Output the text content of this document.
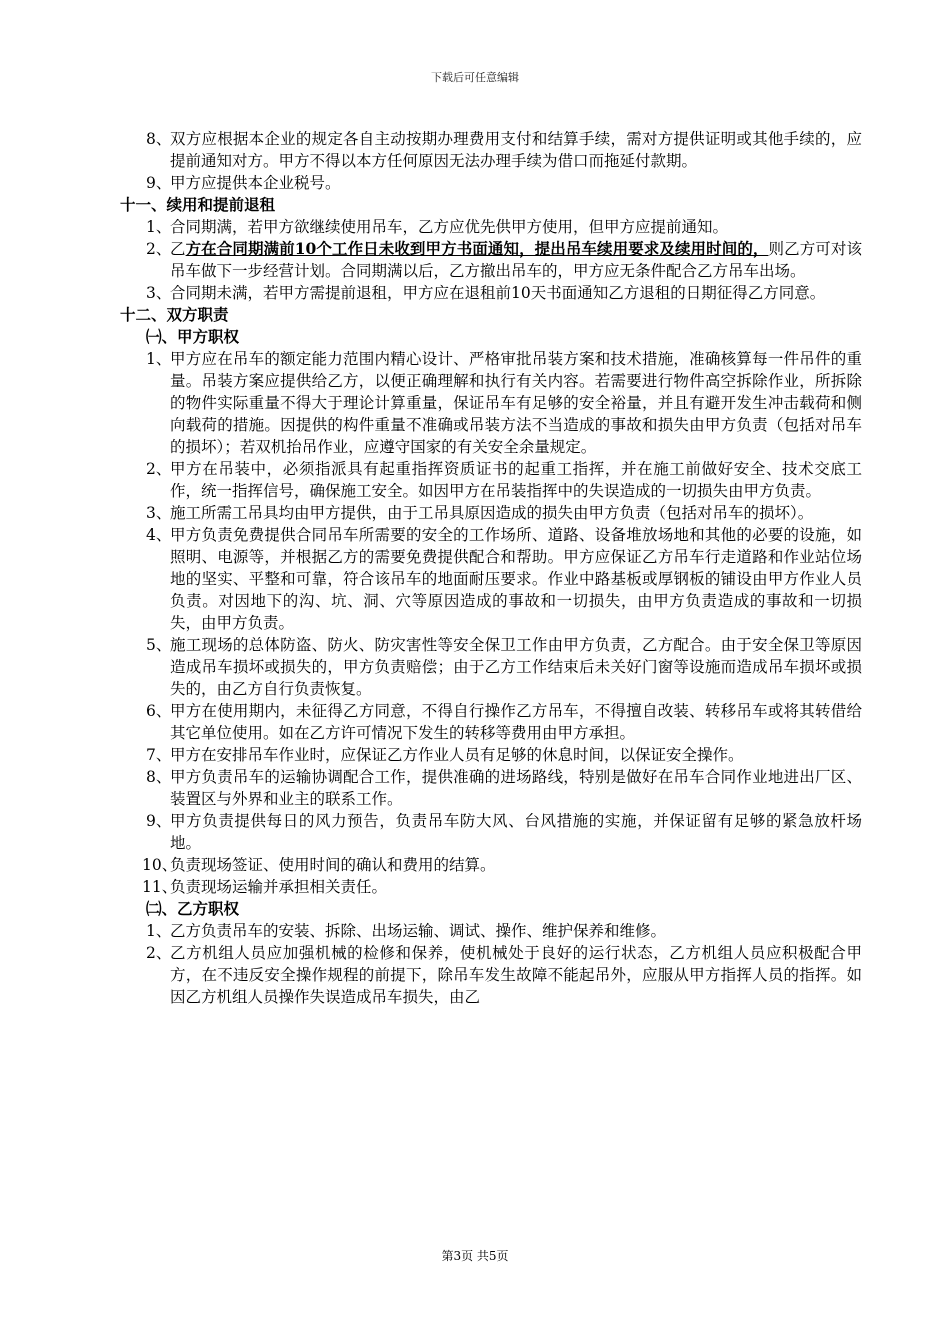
下载后可任意编辑
8、
双方应根据本企业的规定各自主动按期办理费用支付和结算手续，需对方提供证明或其他手续的，应提前通知对方。甲方不得以本方任何原因无法办理手续为借口而拖延付款期。
9、
甲方应提供本企业税号。
十一、续用和提前退租
1、
合同期满，若甲方欲继续使用吊车，乙方应优先供甲方使用，但甲方应提前通知。
2、
乙方在合同期满前10个工作日未收到甲方书面通知，提出吊车续用要求及续用时间的，则乙方可对该吊车做下一步经营计划。合同期满以后，乙方撤出吊车的，甲方应无条件配合乙方吊车出场。
3、
合同期未满，若甲方需提前退租，甲方应在退租前10天书面通知乙方退租的日期征得乙方同意。
十二、双方职责
㈠、甲方职权
1、
甲方应在吊车的额定能力范围内精心设计、严格审批吊装方案和技术措施，准确核算每一件吊件的重量。吊装方案应提供给乙方，以便正确理解和执行有关内容。若需要进行物件高空拆除作业，所拆除的物件实际重量不得大于理论计算重量，保证吊车有足够的安全裕量，并且有避开发生冲击载荷和侧向载荷的措施。因提供的构件重量不准确或吊装方法不当造成的事故和损失由甲方负责（包括对吊车的损坏）；若双机抬吊作业，应遵守国家的有关安全余量规定。
2、
甲方在吊装中，必须指派具有起重指挥资质证书的起重工指挥，并在施工前做好安全、技术交底工作，统一指挥信号，确保施工安全。如因甲方在吊装指挥中的失误造成的一切损失由甲方负责。
3、
施工所需工吊具均由甲方提供，由于工吊具原因造成的损失由甲方负责（包括对吊车的损坏）。
4、
甲方负责免费提供合同吊车所需要的安全的工作场所、道路、设备堆放场地和其他的必要的设施，如照明、电源等，并根据乙方的需要免费提供配合和帮助。甲方应保证乙方吊车行走道路和作业站位场地的坚实、平整和可靠，符合该吊车的地面耐压要求。作业中路基板或厚钢板的铺设由甲方作业人员负责。对因地下的沟、坑、洞、穴等原因造成的事故和一切损失，由甲方负责造成的事故和一切损失，由甲方负责。
5、
施工现场的总体防盗、防火、防灾害性等安全保卫工作由甲方负责，乙方配合。由于安全保卫等原因造成吊车损坏或损失的，甲方负责赔偿；由于乙方工作结束后未关好门窗等设施而造成吊车损坏或损失的，由乙方自行负责恢复。
6、
甲方在使用期内，未征得乙方同意，不得自行操作乙方吊车，不得擅自改装、转移吊车或将其转借给其它单位使用。如在乙方许可情况下发生的转移等费用由甲方承担。
7、
甲方在安排吊车作业时，应保证乙方作业人员有足够的休息时间，以保证安全操作。
8、
甲方负责吊车的运输协调配合工作，提供准确的进场路线，特别是做好在吊车合同作业地进出厂区、装置区与外界和业主的联系工作。
9、
甲方负责提供每日的风力预告，负责吊车防大风、台风措施的实施，并保证留有足够的紧急放杆场地。
10、
负责现场签证、使用时间的确认和费用的结算。
11、
负责现场运输并承担相关责任。
㈡、乙方职权
1、
乙方负责吊车的安装、拆除、出场运输、调试、操作、维护保养和维修。
2、
乙方机组人员应加强机械的检修和保养，使机械处于良好的运行状态，乙方机组人员应积极配合甲方，在不违反安全操作规程的前提下，除吊车发生故障不能起吊外，应服从甲方指挥人员的指挥。如因乙方机组人员操作失误造成吊车损失，由乙
第3页 共5页
